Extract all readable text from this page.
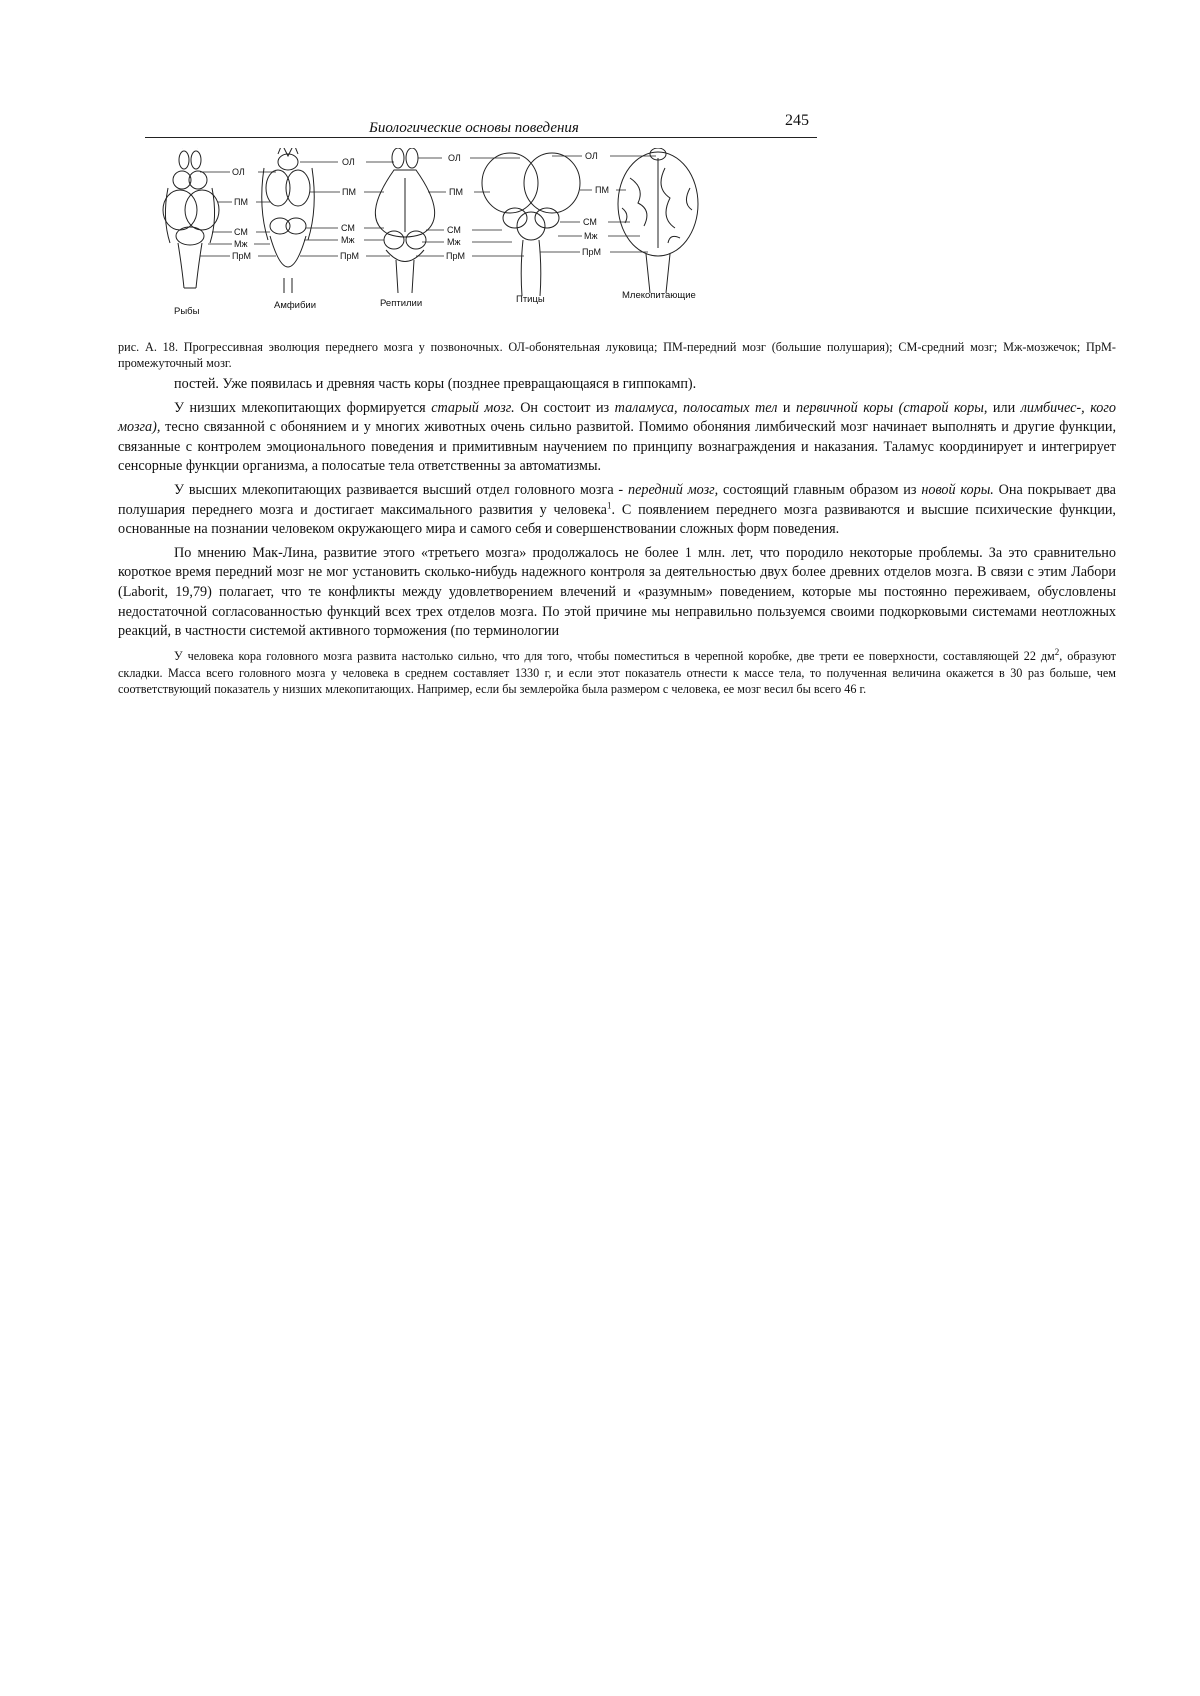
Биологические основы поведения	245
ОЛ
ПМ
СМ
Мж
ПрМ
ОЛ
ПМ
СМ
Мж
ПрМ
ОЛ
ПМ
СМ
Мж
ПрМ
ОЛ
ПМ
СМ
Мж
ПрМ
Рыбы
Амфибии	Рептилии	Птицы	Млекопитающие
рис. А. 18. Прогрессивная эволюция переднего мозга у позвоночных. ОЛ-обонятельная луковица; ПМ-передний мозг (большие полушария); СМ-средний мозг; Мж-мозжечок; ПрМ-промежуточный мозг.

постей. Уже появилась и древняя часть коры (позднее превращающаяся в гиппокамп).

У низших млекопитающих формируется старый мозг. Он состоит из таламуса, полосатых тел и первичной коры (старой коры, или лимбичес-, кого мозга), тесно связанной с обонянием и у многих животных очень сильно развитой. Помимо обоняния лимбический мозг начинает выполнять и другие функции, связанные с контролем эмоционального поведения и примитивным научением по принципу вознаграждения и наказания. Таламус координирует и интегрирует сенсорные функции организма, а полосатые тела ответственны за автоматизмы.

У высших млекопитающих развивается высший отдел головного мозга - передний мозг, состоящий главным образом из новой коры. Она покрывает два полушария переднего мозга и достигает максимального развития у человека$^1$. С появлением переднего мозга развиваются и высшие психические функции, основанные на познании человеком окружающего мира и самого себя и совершенствовании сложных форм поведения.

По мнению Мак-Лина, развитие этого «третьего мозга» продолжалось не более 1 млн. лет, что породило некоторые проблемы. За это сравнительно короткое время передний мозг не мог установить сколько-нибудь надежного контроля за деятельностью двух более древних отделов мозга. В связи с этим Лабори (Laborit, 19,79) полагает, что те конфликты между удовлетворением влечений и «разумным» поведением, которые мы постоянно переживаем, обусловлены недостаточной согласованностью функций всех трех отделов мозга. По этой причине мы неправильно пользуемся своими подкорковыми системами неотложных реакций, в частности системой активного торможения (по терминологии

У человека кора головного мозга развита настолько сильно, что для того, чтобы поместиться в черепной коробке, две трети ее поверхности, составляющей 22 $дм^2$, образуют складки. Масса всего головного мозга у человека в среднем составляет 1330 г, и если этот показатель отнести к массе тела, то полученная величина окажется в 30 раз больше, чем соответствующий показатель у низших млекопитающих. Например, если бы землеройка была размером с человека, ее мозг весил бы всего 46 г.
